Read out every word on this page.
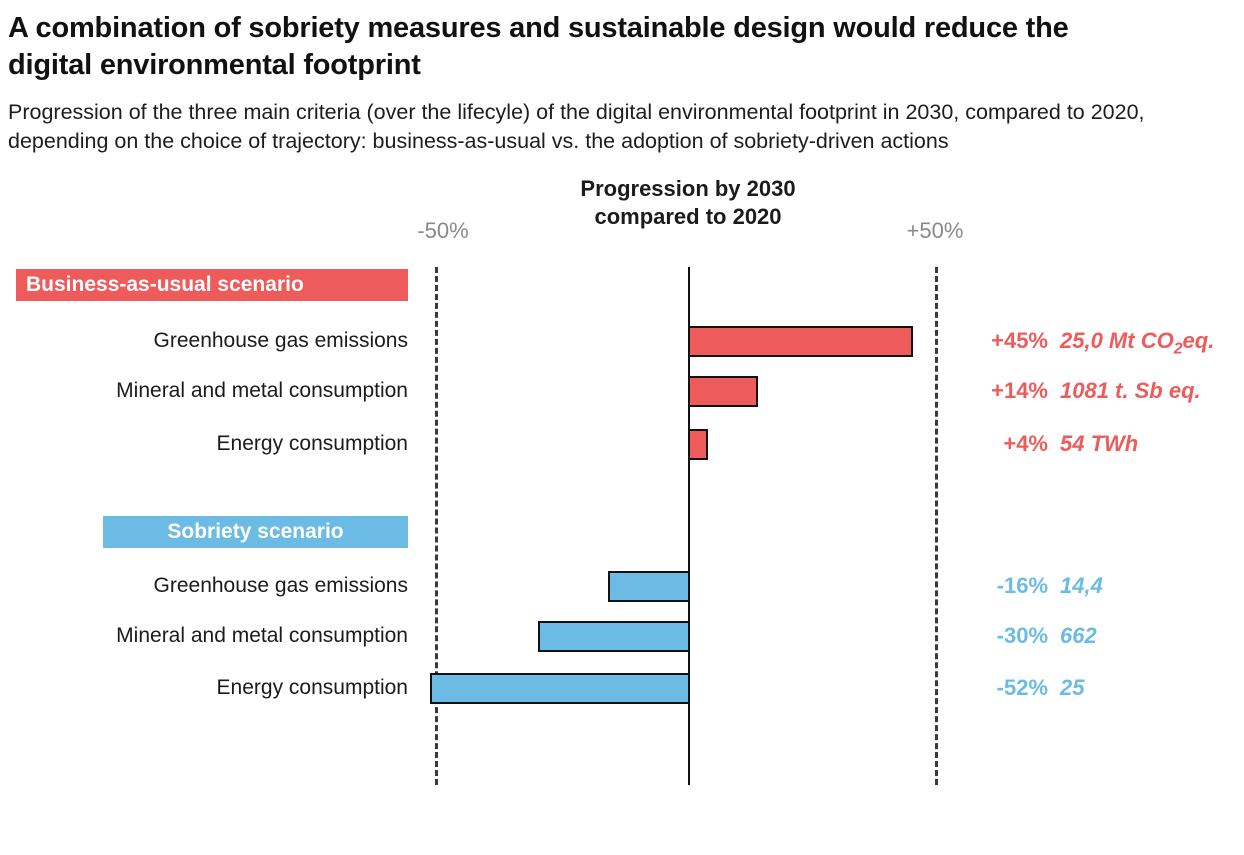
A combination of sobriety measures and sustainable design would reduce the digital environmental footprint

Progression of the three main criteria (over the lifecyle) of the digital environmental footprint in 2030, compared to 2020, depending on the choice of trajectory: business-as-usual vs. the adoption of sobriety-driven actions

Progression by 2030
compared to 2020
-50%	+50%
Business-as-usual scenario
Sobriety scenario
Greenhouse gas emissions	+45% 25,0 Mt $CO_2eq$.
Mineral and metal consumption	+14% 1081 t. Sb eq.
Energy consumption	+4% 54 TWh
Greenhouse gas emissions	-16% 14,4
Mineral and metal consumption	-30% 662
Energy consumption	-52% 25
